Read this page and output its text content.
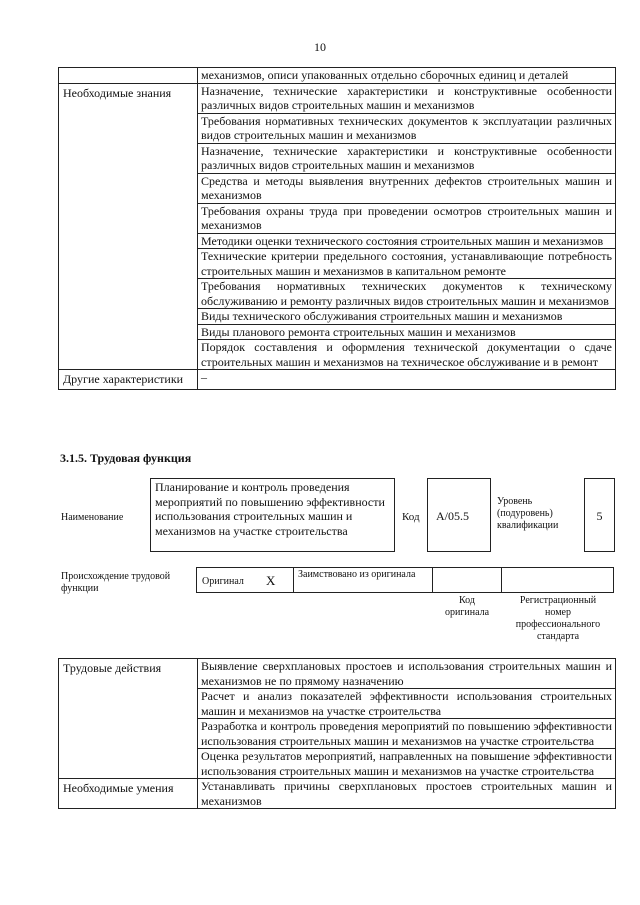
10
	механизмов, описи упакованных отдельно сборочных единиц и деталей
Необходимые знания	Назначение, технические характеристики и конструктивные особенности различных видов строительных машин и механизмов
	Требования нормативных технических документов к эксплуатации различных видов строительных машин и механизмов
	Назначение, технические характеристики и конструктивные особенности различных видов строительных машин и механизмов
	Средства и методы выявления внутренних дефектов строительных машин и механизмов
	Требования охраны труда при проведении осмотров строительных машин и механизмов
	Методики оценки технического состояния строительных машин и механизмов
	Технические критерии предельного состояния, устанавливающие потребность строительных машин и механизмов в капитальном ремонте
	Требования нормативных технических документов к техническому обслуживанию и ремонту различных видов строительных машин и механизмов
	Виды технического обслуживания строительных машин и механизмов
	Виды планового ремонта строительных машин и механизмов
	Порядок составления и оформления технической документации о сдаче строительных машин и механизмов на техническое обслуживание и в ремонт
Другие характеристики	–
3.1.5. Трудовая функция
Наименование
Планирование и контроль проведения мероприятий по повышению эффективности использования строительных машин и механизмов на участке строительства
Код	A/05.5
Уровень (подуровень) квалификации
5
Происхождение трудовой функции
Оригинал	Х Заимствовано из оригинала
Код оригинала
Регистрационный номер профессионального стандарта
Трудовые действия	Выявление сверхплановых простоев и использования строительных машин и механизмов не по прямому назначению
	Расчет и анализ показателей эффективности использования строительных машин и механизмов на участке строительства
	Разработка и контроль проведения мероприятий по повышению эффективности использования строительных машин и механизмов на участке строительства
	Оценка результатов мероприятий, направленных на повышение эффективности использования строительных машин и механизмов на участке строительства
Необходимые умения	Устанавливать причины сверхплановых простоев строительных машин и механизмов
